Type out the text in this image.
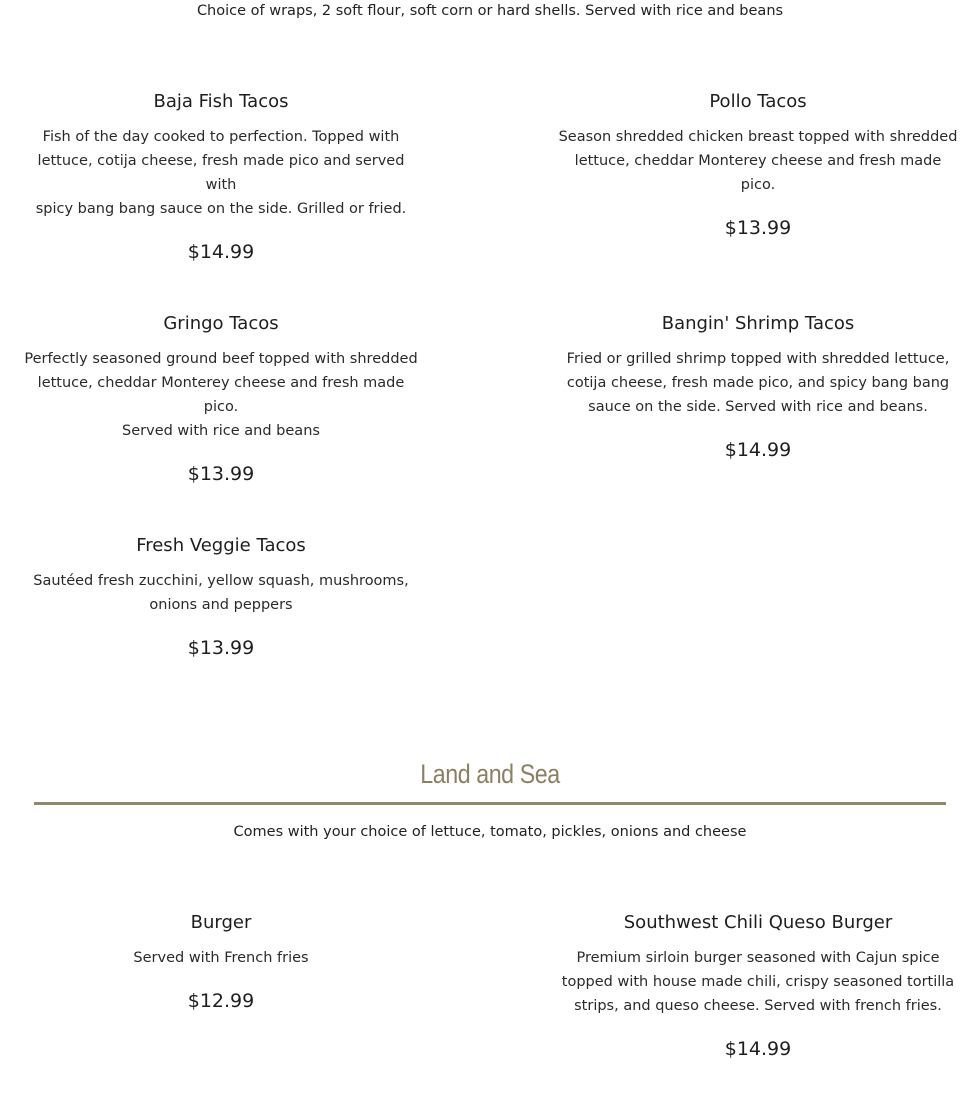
Choice of wraps, 2 soft flour, soft corn or hard shells. Served with rice and beans
Baja Fish Tacos
Fish of the day cooked to perfection. Topped with
lettuce, cotija cheese, fresh made pico and served with
spicy bang bang sauce on the side. Grilled or fried.
$14.99
Pollo Tacos
Season shredded chicken breast topped with shredded
lettuce, cheddar Monterey cheese and fresh made pico.
$13.99
Gringo Tacos
Perfectly seasoned ground beef topped with shredded
lettuce, cheddar Monterey cheese and fresh made pico.
Served with rice and beans
$13.99
Bangin' Shrimp Tacos
Fried or grilled shrimp topped with shredded lettuce,
cotija cheese, fresh made pico, and spicy bang bang
sauce on the side. Served with rice and beans.
$14.99
Fresh Veggie Tacos
Sautéed fresh zucchini, yellow squash, mushrooms,
onions and peppers
$13.99
Land and Sea
Comes with your choice of lettuce, tomato, pickles, onions and cheese
Burger
Served with French fries
$12.99
Southwest Chili Queso Burger
Premium sirloin burger seasoned with Cajun spice
topped with house made chili, crispy seasoned tortilla
strips, and queso cheese. Served with french fries.
$14.99
